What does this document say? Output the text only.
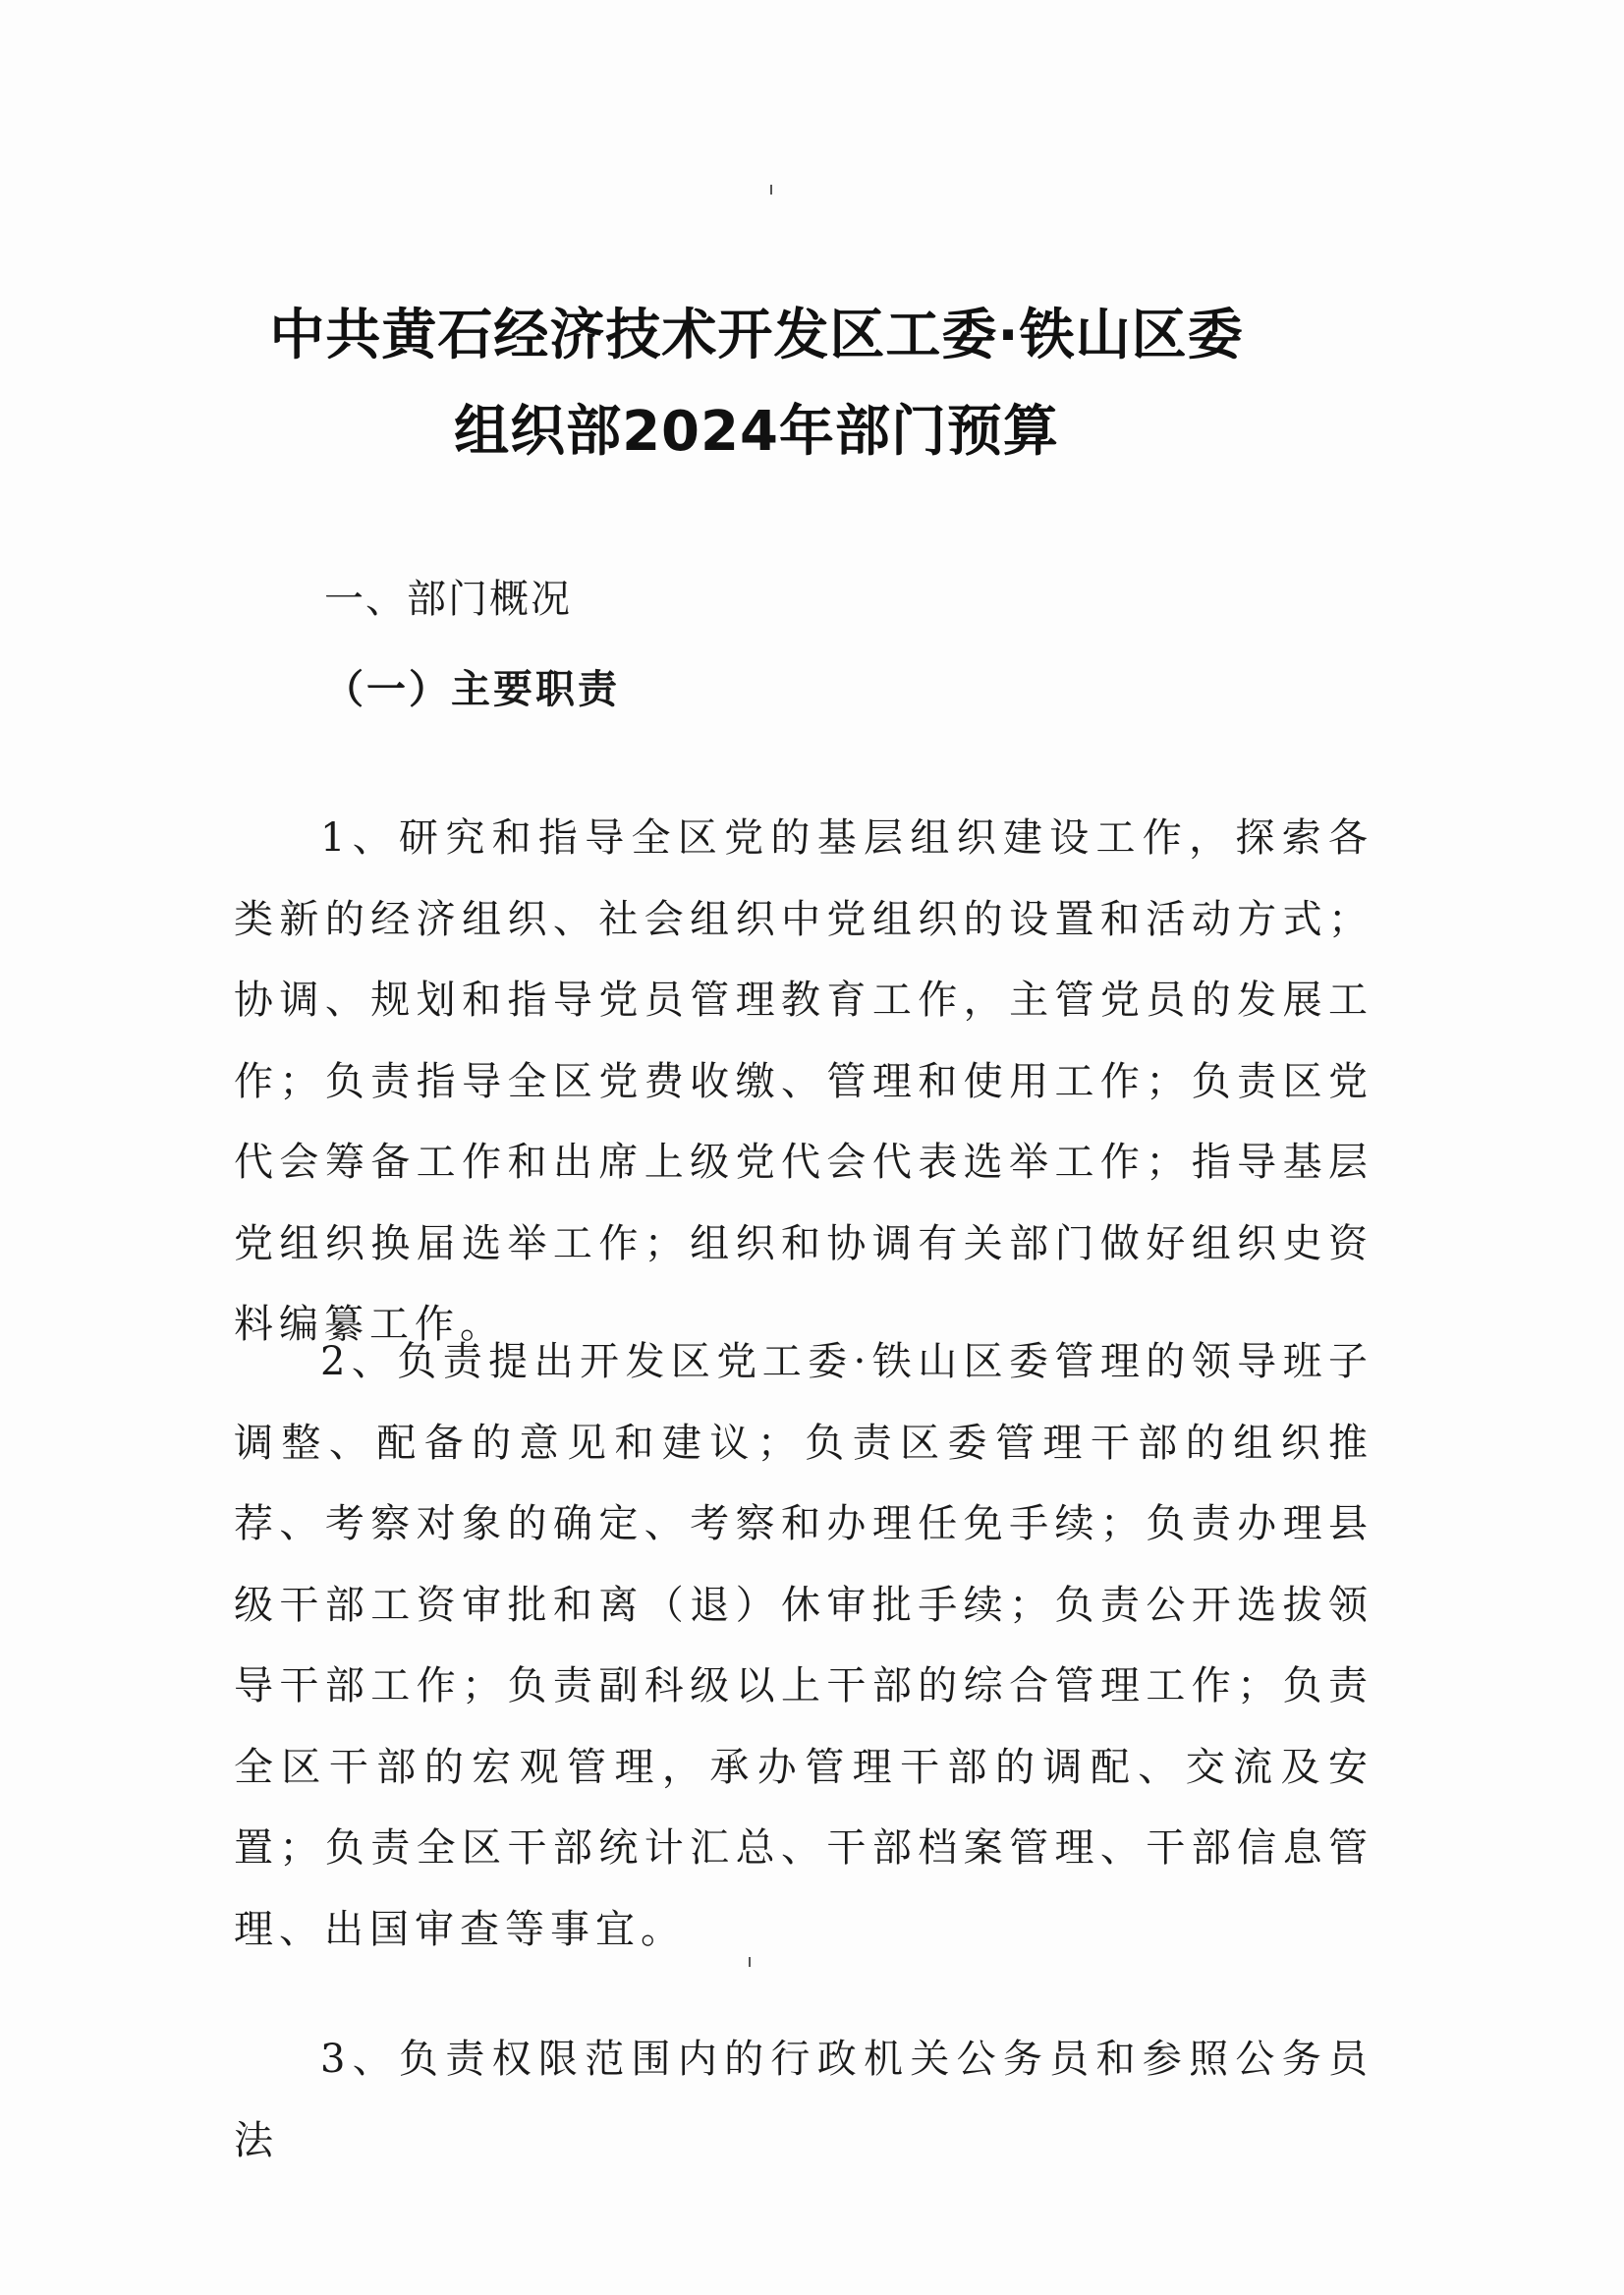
中共黄石经济技术开发区工委·铁山区委
组织部2024年部门预算
一、部门概况
（一）主要职责

1、研究和指导全区党的基层组织建设工作，探索各类新的经济组织、社会组织中党组织的设置和活动方式；协调、规划和指导党员管理教育工作，主管党员的发展工作；负责指导全区党费收缴、管理和使用工作；负责区党代会筹备工作和出席上级党代会代表选举工作；指导基层党组织换届选举工作；组织和协调有关部门做好组织史资料编纂工作。

2、负责提出开发区党工委·铁山区委管理的领导班子调整、配备的意见和建议；负责区委管理干部的组织推荐、考察对象的确定、考察和办理任免手续；负责办理县级干部工资审批和离（退）休审批手续；负责公开选拔领导干部工作；负责副科级以上干部的综合管理工作；负责全区干部的宏观管理，承办管理干部的调配、交流及安置；负责全区干部统计汇总、干部档案管理、干部信息管理、出国审查等事宜。

3、负责权限范围内的行政机关公务员和参照公务员法
